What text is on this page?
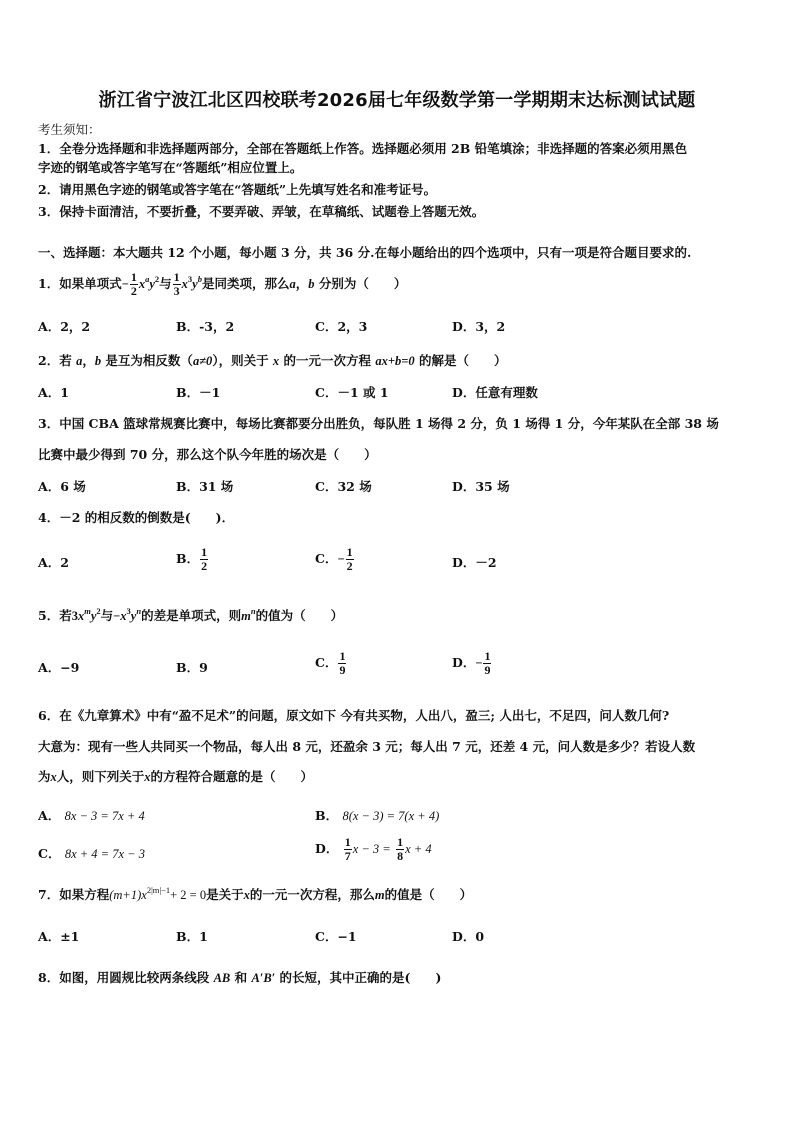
浙江省宁波江北区四校联考2026届七年级数学第一学期期末达标测试试题
考生须知：
1．全卷分选择题和非选择题两部分，全部在答题纸上作答。选择题必须用 2B 铅笔填涂；非选择题的答案必须用黑色
字迹的钢笔或答字笔写在“答题纸”相应位置上。
2．请用黑色字迹的钢笔或答字笔在“答题纸”上先填写姓名和准考证号。
3．保持卡面清洁，不要折叠，不要弄破、弄皱，在草稿纸、试题卷上答题无效。
一、选择题：本大题共 12 个小题，每小题 3 分，共 36 分.在每小题给出的四个选项中，只有一项是符合题目要求的.
1．如果单项式− $\frac{1}{2} x^ay^2$与 $\frac{1}{3} x^3y^b$是同类项，那么a，b 分别为（　　）
A．2，2	B．-3，2	C．2，3	D．3，2
2．若 a，b 是互为相反数（a≠0），则关于 x 的一元一次方程 ax+b=0 的解是（　　）
A．1	B．－1	C．－1 或 1	D．任意有理数
3．中国 CBA 篮球常规赛比赛中，每场比赛都要分出胜负，每队胜 1 场得 2 分，负 1 场得 1 分，今年某队在全部 38 场
比赛中最少得到 70 分，那么这个队今年胜的场次是（　　）
A．6 场	B．31 场	C．32 场	D．35 场
4．－2 的相反数的倒数是(　　)．
A．2	B． $\frac{1}{2}$	C．− $\frac{1}{2}$	D．－2
5．若$3x^my^2$与$-x^3y^n$的差是单项式，则$m^n$的值为（　　）
A．−9	B．9	C． $\frac{1}{9}$	D．− $\frac{1}{9}$
6．在《九章算术》中有“盈不足术”的问题，原文如下 今有共买物，人出八，盈三; 人出七，不足四，问人数几何?
大意为：现有一些人共同买一个物品，每人出 8 元，还盈余 3 元；每人出 7 元，还差 4 元，问人数是多少？若设人数
为x人，则下列关于x的方程符合题意的是（　　）
A． 8x − 3 = 7x + 4	B． 8(x − 3) = 7(x + 4)
C． 8x + 4 = 7x − 3	D． $\frac{1}{7}$ $x - 3 = \frac{1}{8}$ x + 4
7．如果方程$(m+1)x^{2|m|-1}+ 2 = 0$是关于x的一元一次方程，那么m的值是（　　）
A．±1	B．1	C．−1	D．0
8．如图，用圆规比较两条线段 AB 和 A′B′ 的长短，其中正确的是(　　)
